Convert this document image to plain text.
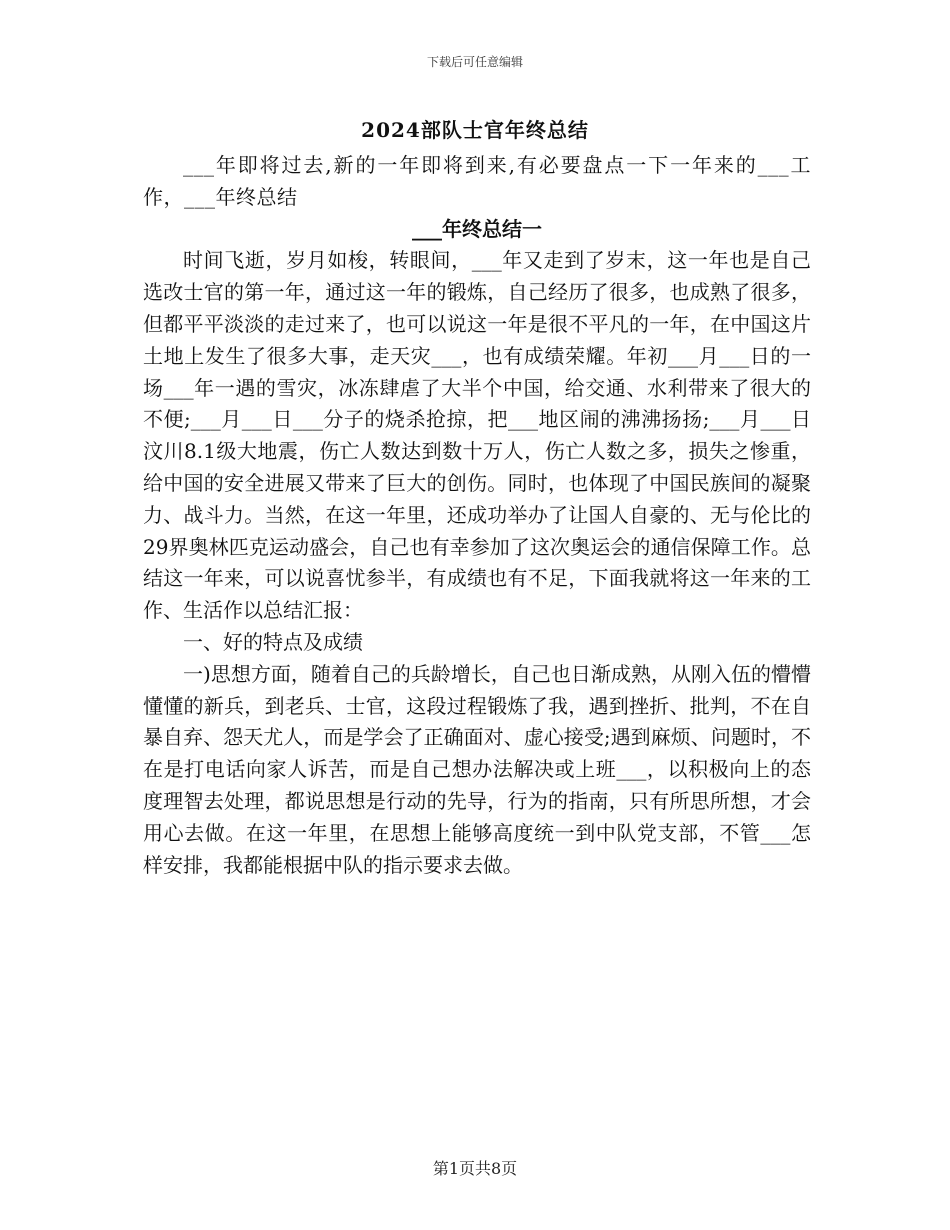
下载后可任意编辑
2024部队士官年终总结

___年即将过去,新的一年即将到来,有必要盘点一下一年来的___工作，___年终总结

___年终总结一

时间飞逝，岁月如梭，转眼间，___年又走到了岁末，这一年也是自己选改士官的第一年，通过这一年的锻炼，自己经历了很多，也成熟了很多，但都平平淡淡的走过来了，也可以说这一年是很不平凡的一年，在中国这片土地上发生了很多大事，走天灾___，也有成绩荣耀。年初___月___日的一场___年一遇的雪灾，冰冻肆虐了大半个中国，给交通、水利带来了很大的不便;___月___日___分子的烧杀抢掠，把___地区闹的沸沸扬扬;___月___日汶川8.1级大地震，伤亡人数达到数十万人，伤亡人数之多，损失之惨重，给中国的安全进展又带来了巨大的创伤。同时，也体现了中国民族间的凝聚力、战斗力。当然，在这一年里，还成功举办了让国人自豪的、无与伦比的29界奥林匹克运动盛会，自己也有幸参加了这次奥运会的通信保障工作。总结这一年来，可以说喜忧参半，有成绩也有不足，下面我就将这一年来的工作、生活作以总结汇报：

一、好的特点及成绩

一)思想方面，随着自己的兵龄增长，自己也日渐成熟，从刚入伍的懵懵懂懂的新兵，到老兵、士官，这段过程锻炼了我，遇到挫折、批判，不在自暴自弃、怨天尤人，而是学会了正确面对、虚心接受;遇到麻烦、问题时，不在是打电话向家人诉苦，而是自己想办法解决或上班___，以积极向上的态度理智去处理，都说思想是行动的先导，行为的指南，只有所思所想，才会用心去做。在这一年里，在思想上能够高度统一到中队党支部，不管___怎样安排，我都能根据中队的指示要求去做。

第1页共8页
